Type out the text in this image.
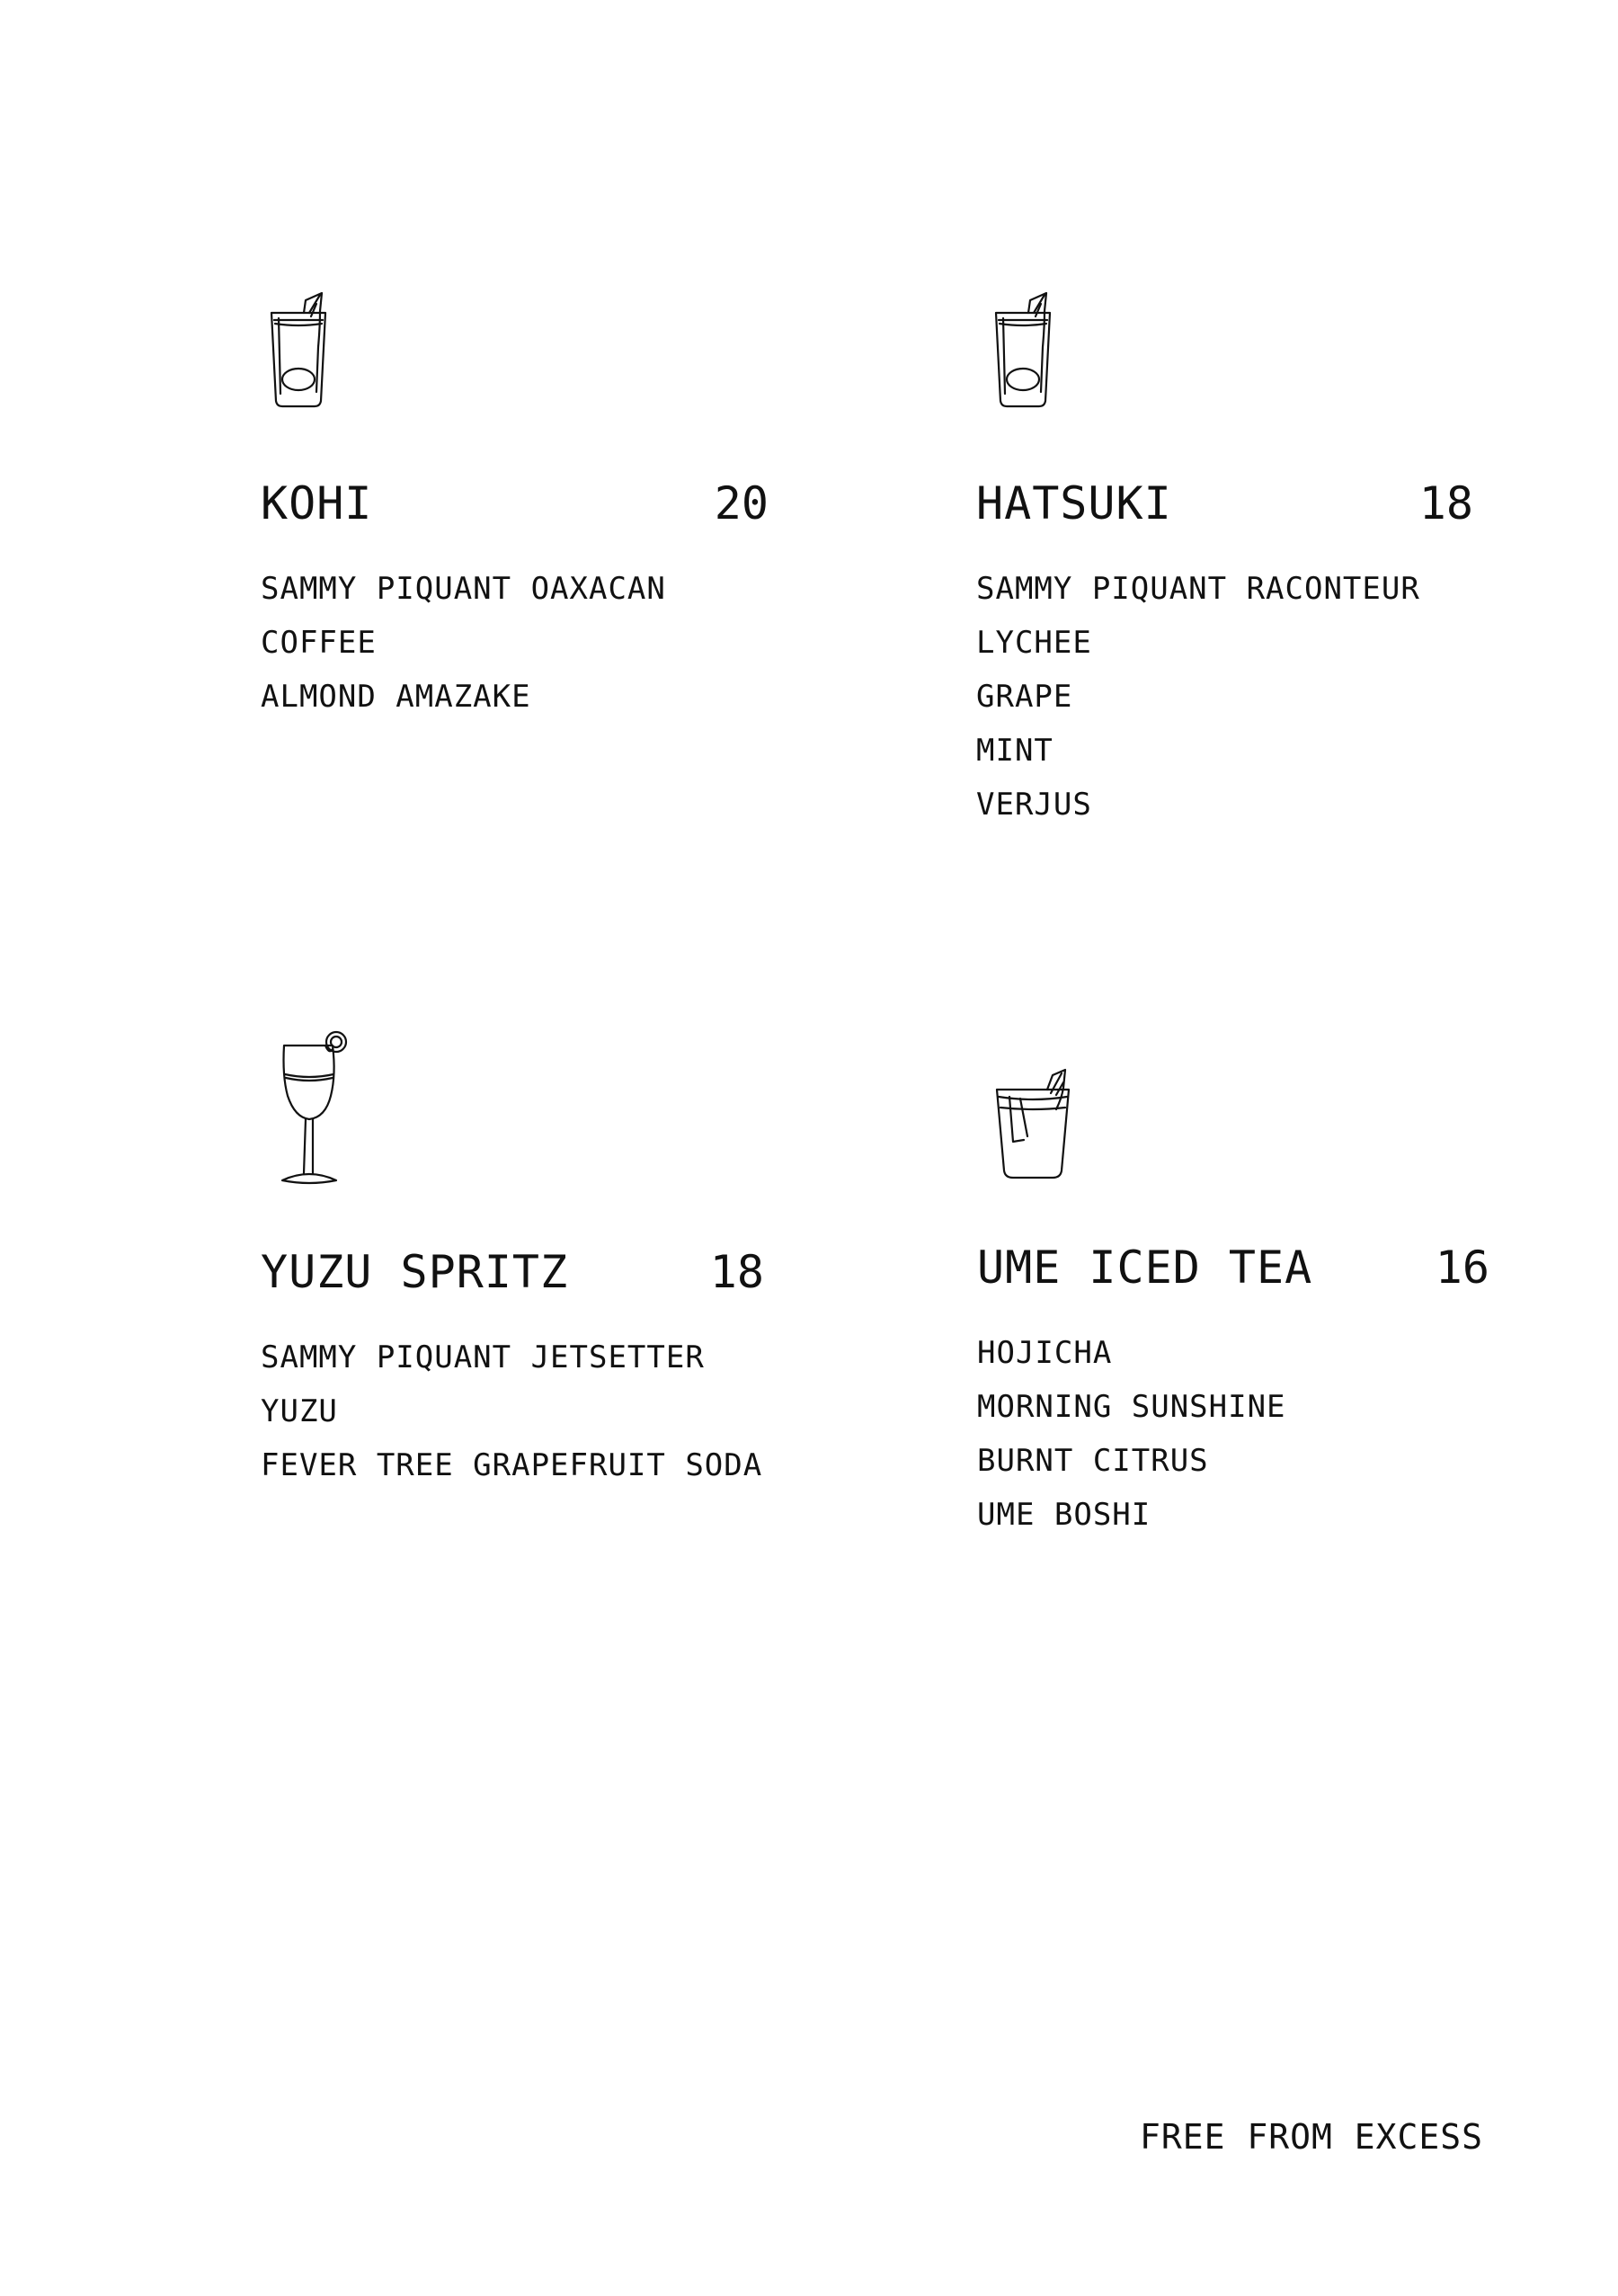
KOHI	20
SAMMY PIQUANT OAXACAN
COFFEE
ALMOND AMAZAKE
HATSUKI	18
SAMMY PIQUANT RACONTEUR
LYCHEE
GRAPE
MINT
VERJUS
YUZU SPRITZ	18
SAMMY PIQUANT JETSETTER
YUZU
FEVER TREE GRAPEFRUIT SODA
UME ICED TEA	16
HOJICHA
MORNING SUNSHINE
BURNT CITRUS
UME BOSHI
FREE FROM EXCESS
